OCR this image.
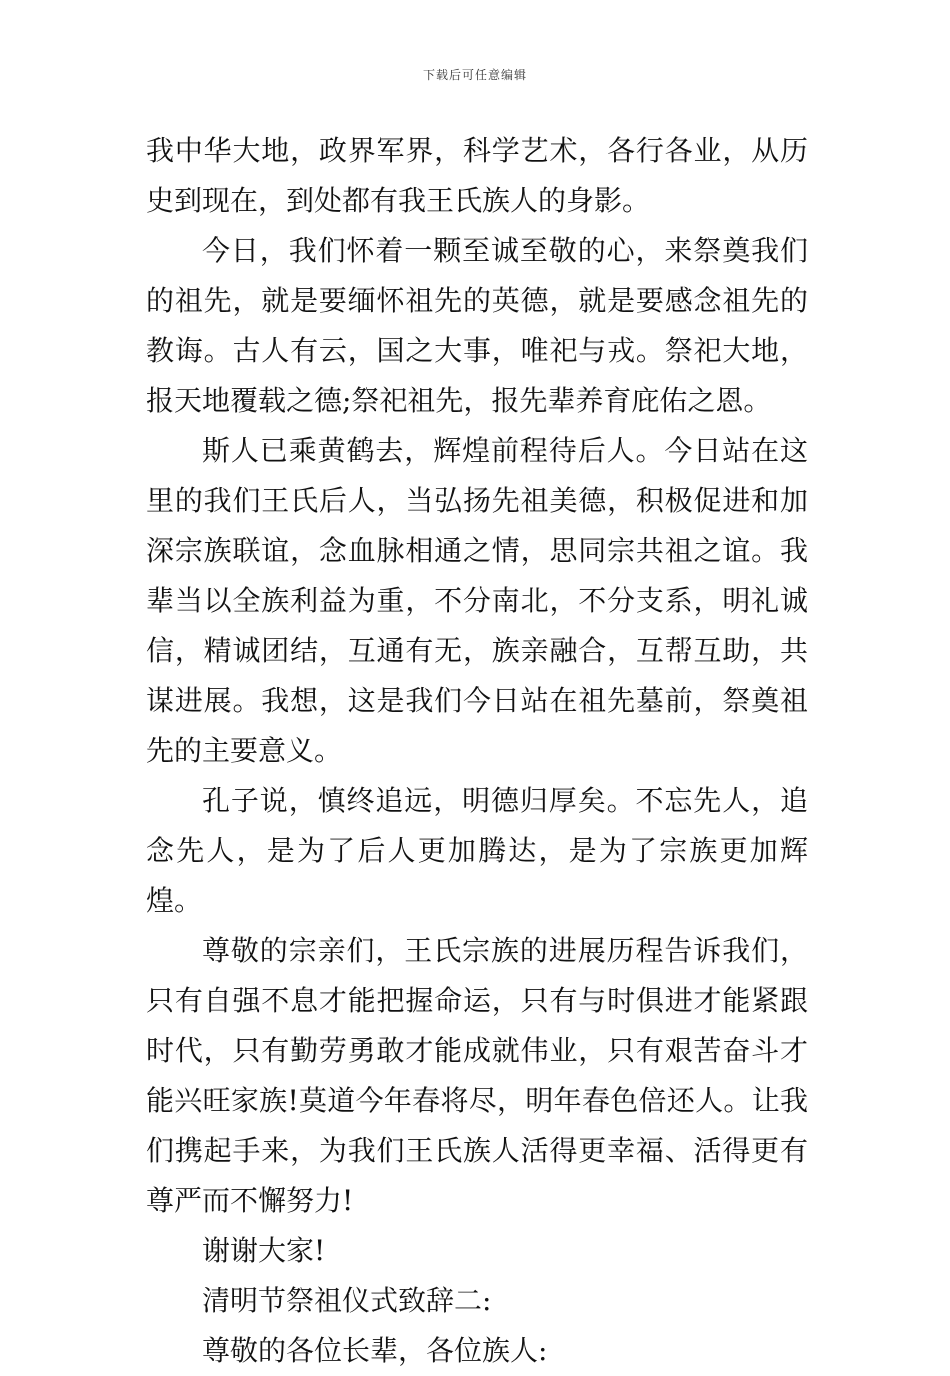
下载后可任意编辑

我中华大地，政界军界，科学艺术，各行各业，从历史到现在，到处都有我王氏族人的身影。

今日，我们怀着一颗至诚至敬的心，来祭奠我们的祖先，就是要缅怀祖先的英德，就是要感念祖先的教诲。古人有云，国之大事，唯祀与戎。祭祀大地，报天地覆载之德;祭祀祖先，报先辈养育庇佑之恩。

斯人已乘黄鹤去，辉煌前程待后人。今日站在这里的我们王氏后人，当弘扬先祖美德，积极促进和加深宗族联谊，念血脉相通之情，思同宗共祖之谊。我辈当以全族利益为重，不分南北，不分支系，明礼诚信，精诚团结，互通有无，族亲融合，互帮互助，共谋进展。我想，这是我们今日站在祖先墓前，祭奠祖先的主要意义。

孔子说，慎终追远，明德归厚矣。不忘先人，追念先人，是为了后人更加腾达，是为了宗族更加辉煌。

尊敬的宗亲们，王氏宗族的进展历程告诉我们，只有自强不息才能把握命运，只有与时俱进才能紧跟时代，只有勤劳勇敢才能成就伟业，只有艰苦奋斗才能兴旺家族!莫道今年春将尽，明年春色倍还人。让我们携起手来，为我们王氏族人活得更幸福、活得更有尊严而不懈努力!

谢谢大家!

清明节祭祖仪式致辞二:

尊敬的各位长辈，各位族人:
